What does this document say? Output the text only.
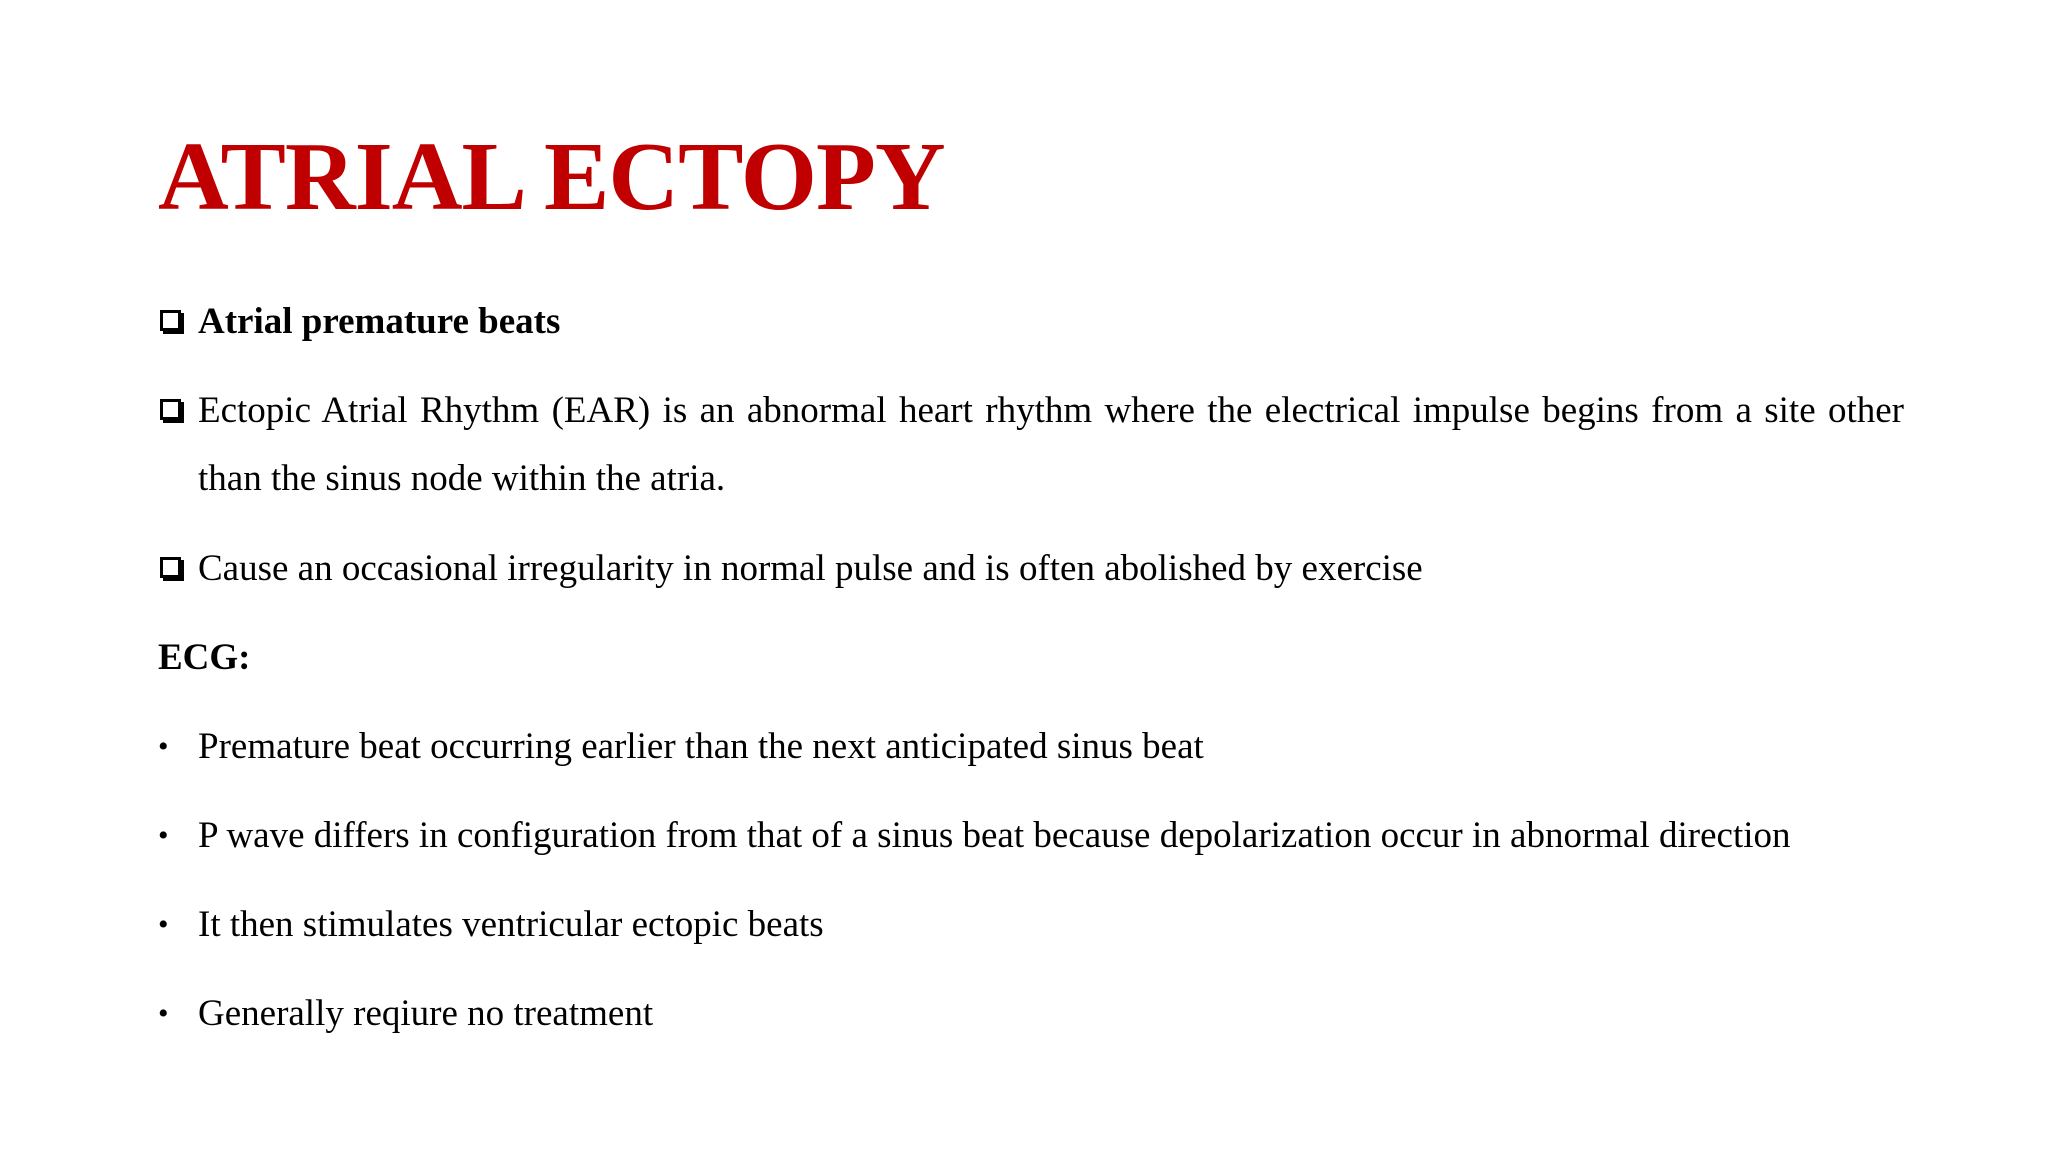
ATRIAL ECTOPY
Atrial premature beats
Ectopic Atrial Rhythm (EAR) is an abnormal heart rhythm where the electrical impulse begins from a site other than the sinus node within the atria.
Cause an occasional irregularity in normal pulse and is often abolished by exercise
ECG:
• Premature beat occurring earlier than the next anticipated sinus beat
• P wave differs in configuration from that of a sinus beat because depolarization occur in abnormal direction
• It then stimulates ventricular ectopic beats
• Generally reqiure no treatment
